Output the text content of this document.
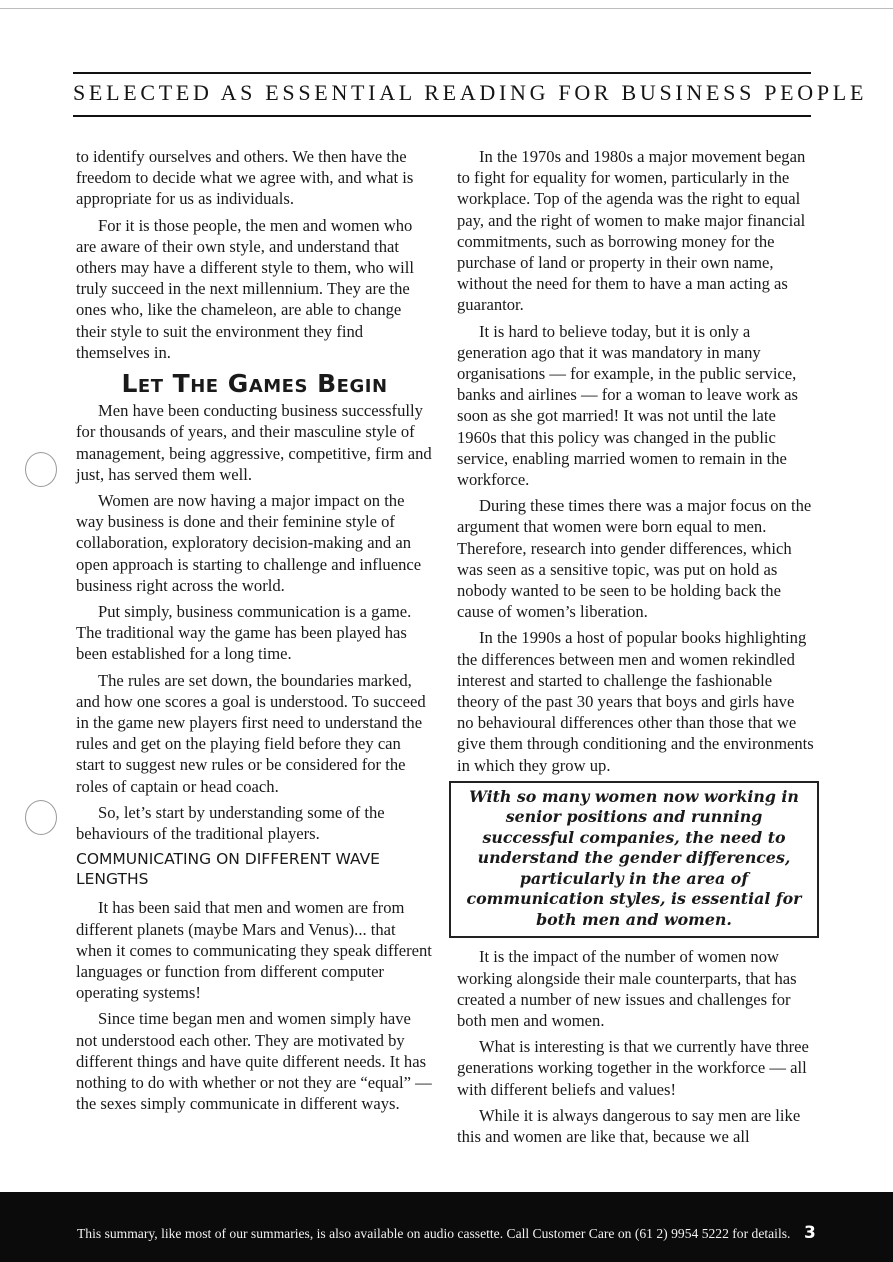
SELECTED AS ESSENTIAL READING FOR BUSINESS PEOPLE

to identify ourselves and others. We then have the freedom to decide what we agree with, and what is appropriate for us as individuals.

For it is those people, the men and women who are aware of their own style, and understand that others may have a different style to them, who will truly succeed in the next millennium. They are the ones who, like the chameleon, are able to change their style to suit the environment they find themselves in.

Let The Games Begin

Men have been conducting business successfully for thousands of years, and their masculine style of management, being aggressive, competitive, firm and just, has served them well.

Women are now having a major impact on the way business is done and their feminine style of collaboration, exploratory decision-making and an open approach is starting to challenge and influence business right across the world.

Put simply, business communication is a game. The traditional way the game has been played has been established for a long time.

The rules are set down, the boundaries marked, and how one scores a goal is understood. To succeed in the game new players first need to understand the rules and get on the playing field before they can start to suggest new rules or be considered for the roles of captain or head coach.

So, let’s start by understanding some of the behaviours of the traditional players.

COMMUNICATING ON DIFFERENT WAVE LENGTHS

It has been said that men and women are from different planets (maybe Mars and Venus)... that when it comes to communicating they speak different languages or function from different computer operating systems!

Since time began men and women simply have not understood each other. They are motivated by different things and have quite different needs. It has nothing to do with whether or not they are “equal” — the sexes simply communicate in different ways.

In the 1970s and 1980s a major movement began to fight for equality for women, particularly in the workplace. Top of the agenda was the right to equal pay, and the right of women to make major financial commitments, such as borrowing money for the purchase of land or property in their own name, without the need for them to have a man acting as guarantor.

It is hard to believe today, but it is only a generation ago that it was mandatory in many organisations — for example, in the public service, banks and airlines — for a woman to leave work as soon as she got married! It was not until the late 1960s that this policy was changed in the public service, enabling married women to remain in the workforce.

During these times there was a major focus on the argument that women were born equal to men. Therefore, research into gender differences, which was seen as a sensitive topic, was put on hold as nobody wanted to be seen to be holding back the cause of women’s liberation.

In the 1990s a host of popular books highlighting the differences between men and women rekindled interest and started to challenge the fashionable theory of the past 30 years that boys and girls have no behavioural differences other than those that we give them through conditioning and the environments in which they grow up.

With so many women now working in senior positions and running successful companies, the need to understand the gender differences, particularly in the area of communication styles, is essential for both men and women.

It is the impact of the number of women now working alongside their male counterparts, that has created a number of new issues and challenges for both men and women.

What is interesting is that we currently have three generations working together in the workforce — all with different beliefs and values!

While it is always dangerous to say men are like this and women are like that, because we all

This summary, like most of our summaries, is also available on audio cassette. Call Customer Care on (61 2) 9954 5222 for details. 3
